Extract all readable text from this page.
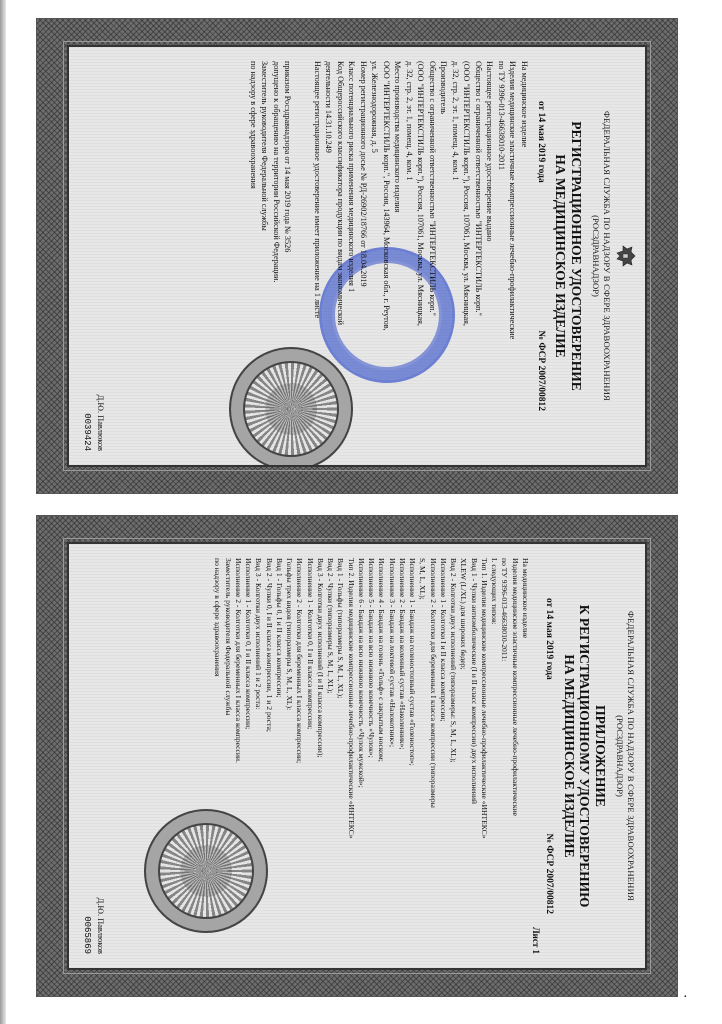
ФЕДЕРАЛЬНАЯ СЛУЖБА ПО НАДЗОРУ В СФЕРЕ ЗДРАВООХРАНЕНИЯ
(РОСЗДРАВНАДЗОР)
РЕГИСТРАЦИОННОЕ УДОСТОВЕРЕНИЕ
НА МЕДИЦИНСКОЕ ИЗДЕЛИЕ
от 14 мая 2019 года
№ ФСР 2007/00812

На медицинское изделие

Изделия медицинские эластичные компрессионные лечебно-профилактические

по ТУ 9396-013-46638010-2011

Настоящее регистрационное удостоверение выдано

Общество с ограниченной ответственностью "ИНТЕРТЕКСТИЛЬ корп."

(ООО "ИНТЕРТЕКСТИЛЬ корп."), Россия, 107061, Москва, ул. Мясницкая,

д. 32, стр. 2, эт. 1, помещ. 4, ком. 1

Производитель

Общество с ограниченной ответственностью "ИНТЕРТЕКСТИЛЬ корп."

(ООО "ИНТЕРТЕКСТИЛЬ корп."), Россия, 107061, Москва, ул. Мясницкая,

д. 32, стр. 2, эт. 1, помещ. 4, ком. 1

Место производства медицинского изделия

ООО "ИНТЕРТЕКСТИЛЬ корп.", Россия, 143964, Московская обл., г. Реутов,

ул. Железнодорожная, д. 5

Номер регистрационного досье № РД-26902/18766 от 18.04.2019

Класс потенциального риска применения медицинского изделия 1

Код Общероссийского классификатора продукции по видам экономической

деятельности 14.31.10.249

Настоящее регистрационное удостоверение имеет приложение на 1 листе

приказом Росздравнадзора от 14 мая 2019 года № 3526

допущено к обращению на территории Российской Федерации.

Заместитель руководителя Федеральной службы

по надзору в сфере здравоохранения

Д.Ю. Павлюков
0039424
ФЕДЕРАЛЬНАЯ СЛУЖБА ПО НАДЗОРУ В СФЕРЕ ЗДРАВООХРАНЕНИЯ
(РОСЗДРАВНАДЗОР)
ПРИЛОЖЕНИЕ
К РЕГИСТРАЦИОННОМУ УДОСТОВЕРЕНИЮ
НА МЕДИЦИНСКОЕ ИЗДЕЛИЕ
от 14 мая 2019 года
№ ФСР 2007/00812
Лист 1

На медицинское изделие

Изделия медицинские эластичные компрессионные лечебно-профилактические

по ТУ 9396-013-46638010-2011:

I. следующих типов:

Тип 1. Изделия медицинские компрессионные лечебно-профилактические «ИНТЕКС»

Вид 1 - Чулки антиэмболические (I и II класс компрессии) двух исполнений

XLEW (L/XL) для широких бедер;

Вид 2 - Колготки двух исполнений (типоразмеры: S, M, L, XL);

Исполнение 1 - Колготки I и II класса компрессии;

Исполнение 2 - Колготки для беременных I класса компрессии (типоразмеры

S, M, L, XL);

Исполнение 1 - Бандаж на голеностопный сустав «Голеностоп»;

Исполнение 2 - Бандаж на коленный сустав «Наколенник»;

Исполнение 3 - Бандаж на локтевой сустав «Налокотник»;

Исполнение 4 - Бандаж на голень «Гольф» с закрытым носком;

Исполнение 5 - Бандаж на всю нижнюю конечность «Чулок»;

Исполнение 6 - Бандаж на всю нижнюю конечность «Чулок мужской»;

Тип 2. Изделия медицинские компрессионные лечебно-профилактические «ИНТЕКС»

Вид 1 - Гольфы (типоразмеры S, M, L, XL);

Вид 2 - Чулки (типоразмеры S, M, L, XL);

Вид 3 - Колготки двух исполнений (I и II класса компрессии);

Исполнение 1 - Колготки 0, I и II класса компрессии;

Исполнение 2 - Колготки для беременных I класса компрессии;

Гольфы трех видов (типоразмеры S, M, L, XL):

Вид 1 - Гольфы 0, I и II класса компрессии;

Вид 2 - Чулки 0, I и II класса компрессии, 1 и 2 роста;

Вид 3 - Колготки двух исполнений 1 и 2 роста:

Исполнение 1 - Колготки 0, I и II класса компрессии;

Исполнение 2 - Колготки для беременных I класса компрессии.

Заместитель руководителя Федеральной службы

по надзору в сфере здравоохранения

Д.Ю. Павлюков
0065869
·
